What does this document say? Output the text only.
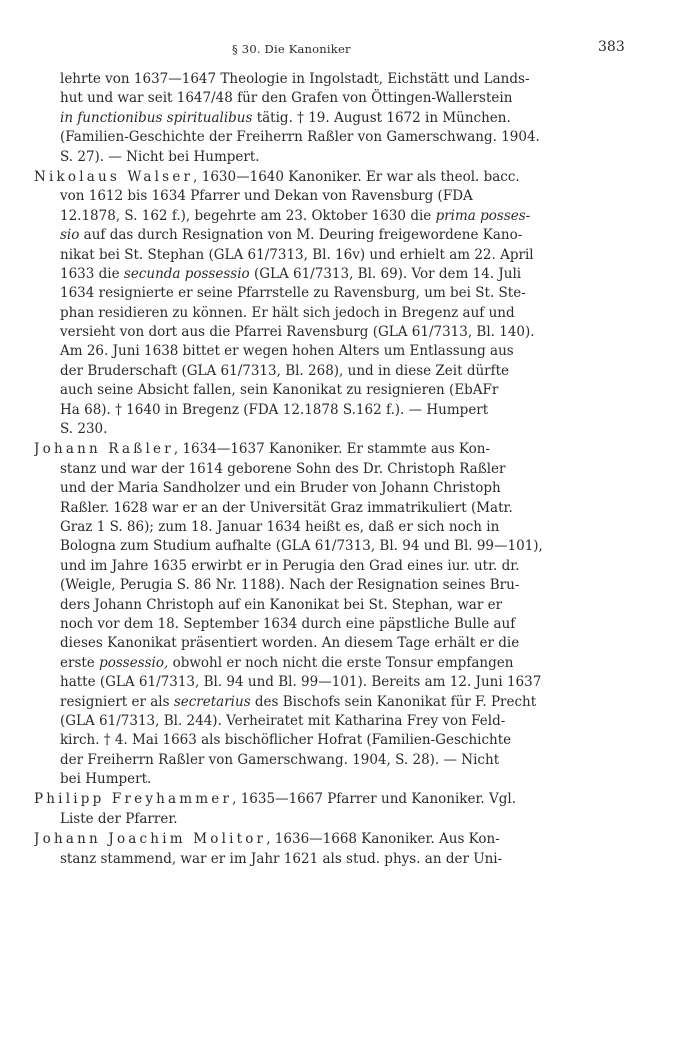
§ 30. Die Kanoniker	383
lehrte von 1637—1647 Theologie in Ingolstadt, Eichstätt und Lands-
hut und war seit 1647/48 für den Grafen von Öttingen-Wallerstein
in functionibus spiritualibus tätig. † 19. August 1672 in München.
(Familien-Geschichte der Freiherrn Raßler von Gamerschwang. 1904.
S. 27). — Nicht bei Humpert.
Nikolaus Walser, 1630—1640 Kanoniker. Er war als theol. bacc.
von 1612 bis 1634 Pfarrer und Dekan von Ravensburg (FDA
12.1878, S. 162 f.), begehrte am 23. Oktober 1630 die prima posses-
sio auf das durch Resignation von M. Deuring freigewordene Kano-
nikat bei St. Stephan (GLA 61/7313, Bl. 16v) und erhielt am 22. April
1633 die secunda possessio (GLA 61/7313, Bl. 69). Vor dem 14. Juli
1634 resignierte er seine Pfarrstelle zu Ravensburg, um bei St. Ste-
phan residieren zu können. Er hält sich jedoch in Bregenz auf und
versieht von dort aus die Pfarrei Ravensburg (GLA 61/7313, Bl. 140).
Am 26. Juni 1638 bittet er wegen hohen Alters um Entlassung aus
der Bruderschaft (GLA 61/7313, Bl. 268), und in diese Zeit dürfte
auch seine Absicht fallen, sein Kanonikat zu resignieren (EbAFr
Ha 68). † 1640 in Bregenz (FDA 12.1878 S.162 f.). — Humpert
S. 230.
Johann Raßler, 1634—1637 Kanoniker. Er stammte aus Kon-
stanz und war der 1614 geborene Sohn des Dr. Christoph Raßler
und der Maria Sandholzer und ein Bruder von Johann Christoph
Raßler. 1628 war er an der Universität Graz immatrikuliert (Matr.
Graz 1 S. 86); zum 18. Januar 1634 heißt es, daß er sich noch in
Bologna zum Studium aufhalte (GLA 61/7313, Bl. 94 und Bl. 99—101),
und im Jahre 1635 erwirbt er in Perugia den Grad eines iur. utr. dr.
(Weigle, Perugia S. 86 Nr. 1188). Nach der Resignation seines Bru-
ders Johann Christoph auf ein Kanonikat bei St. Stephan, war er
noch vor dem 18. September 1634 durch eine päpstliche Bulle auf
dieses Kanonikat präsentiert worden. An diesem Tage erhält er die
erste possessio, obwohl er noch nicht die erste Tonsur empfangen
hatte (GLA 61/7313, Bl. 94 und Bl. 99—101). Bereits am 12. Juni 1637
resigniert er als secretarius des Bischofs sein Kanonikat für F. Precht
(GLA 61/7313, Bl. 244). Verheiratet mit Katharina Frey von Feld-
kirch. † 4. Mai 1663 als bischöflicher Hofrat (Familien-Geschichte
der Freiherrn Raßler von Gamerschwang. 1904, S. 28). — Nicht
bei Humpert.
Philipp Freyhammer, 1635—1667 Pfarrer und Kanoniker. Vgl.
Liste der Pfarrer.
Johann Joachim Molitor, 1636—1668 Kanoniker. Aus Kon-
stanz stammend, war er im Jahr 1621 als stud. phys. an der Uni-
